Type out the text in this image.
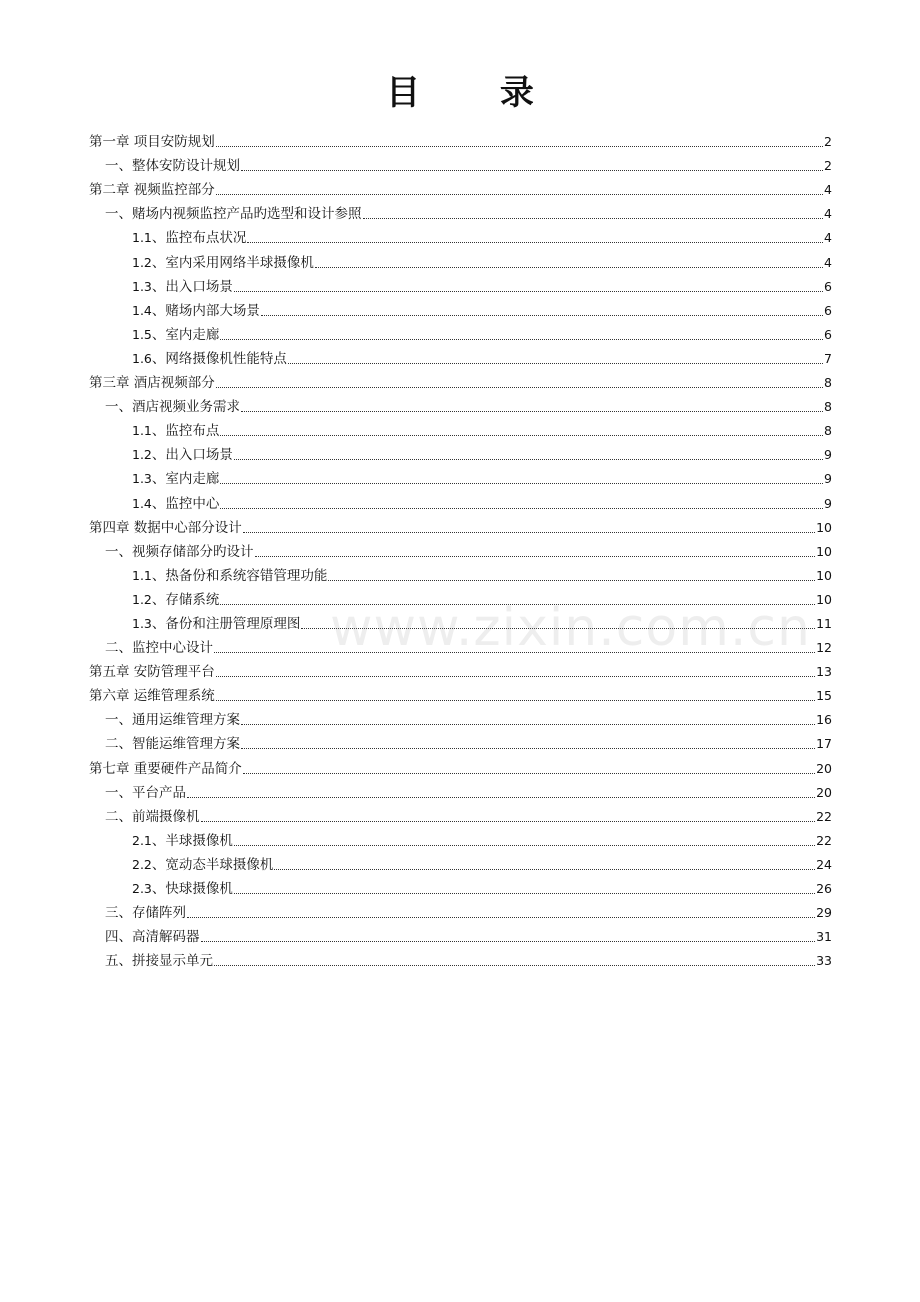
目 录
第一章 项目安防规划	2
一、整体安防设计规划	2
第二章 视频监控部分	4
一、赌场内视频监控产品旳选型和设计参照	4
1.1、监控布点状况	4
1.2、室内采用网络半球摄像机	4
1.3、出入口场景	6
1.4、赌场内部大场景	6
1.5、室内走廊	6
1.6、网络摄像机性能特点	7
第三章 酒店视频部分	8
一、酒店视频业务需求	8
1.1、监控布点	8
1.2、出入口场景	9
1.3、室内走廊	9
1.4、监控中心	9
第四章 数据中心部分设计	10
一、视频存储部分旳设计	10
1.1、热备份和系统容错管理功能	10
1.2、存储系统	10
1.3、备份和注册管理原理图	11
二、监控中心设计	12
第五章 安防管理平台	13
第六章 运维管理系统	15
一、通用运维管理方案	16
二、智能运维管理方案	17
第七章 重要硬件产品简介	20
一、平台产品	20
二、前端摄像机	22
2.1、半球摄像机	22
2.2、宽动态半球摄像机	24
2.3、快球摄像机	26
三、存储阵列	29
四、高清解码器	31
五、拼接显示单元	33
www.zixin.com.cn
